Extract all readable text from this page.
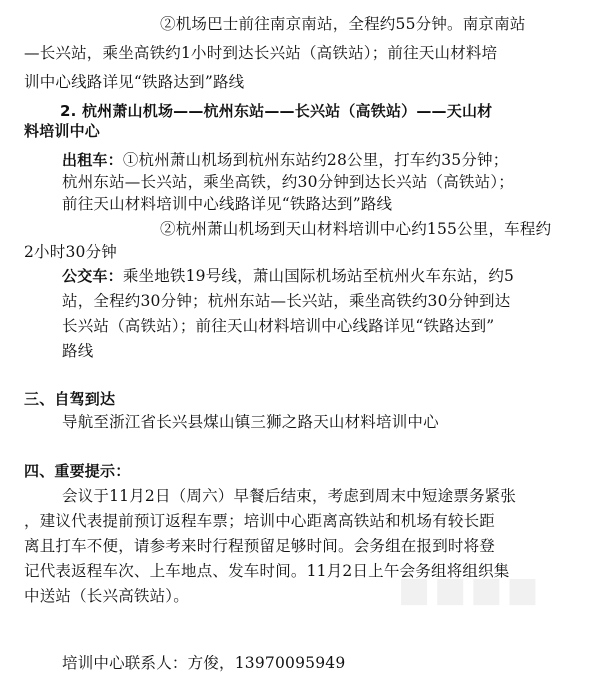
②机场巴士前往南京南站，全程约55分钟。南京南站
—长兴站，乘坐高铁约1小时到达长兴站（高铁站）；前往天山材料培
训中心线路详见“铁路达到”路线
2. 杭州萧山机场——杭州东站——长兴站（高铁站）——天山材
料培训中心
出租车：①杭州萧山机场到杭州东站约28公里，打车约35分钟；
杭州东站—长兴站，乘坐高铁，约30分钟到达长兴站（高铁站）；
前往天山材料培训中心线路详见“铁路达到”路线
②杭州萧山机场到天山材料培训中心约155公里，车程约
2小时30分钟
公交车：乘坐地铁19号线，萧山国际机场站至杭州火车东站，约5
站，全程约30分钟；杭州东站—长兴站，乘坐高铁约30分钟到达
长兴站（高铁站）；前往天山材料培训中心线路详见“铁路达到”
路线
三、自驾到达
导航至浙江省长兴县煤山镇三狮之路天山材料培训中心
四、重要提示：
会议于11月2日（周六）早餐后结束，考虑到周末中短途票务紧张
，建议代表提前预订返程车票；培训中心距离高铁站和机场有较长距
离且打车不便，请参考来时行程预留足够时间。会务组在报到时将登
记代表返程车次、上车地点、发车时间。11月2日上午会务组将组织集
中送站（长兴高铁站）。
培训中心联系人：方俊，13970095949
■■■■
